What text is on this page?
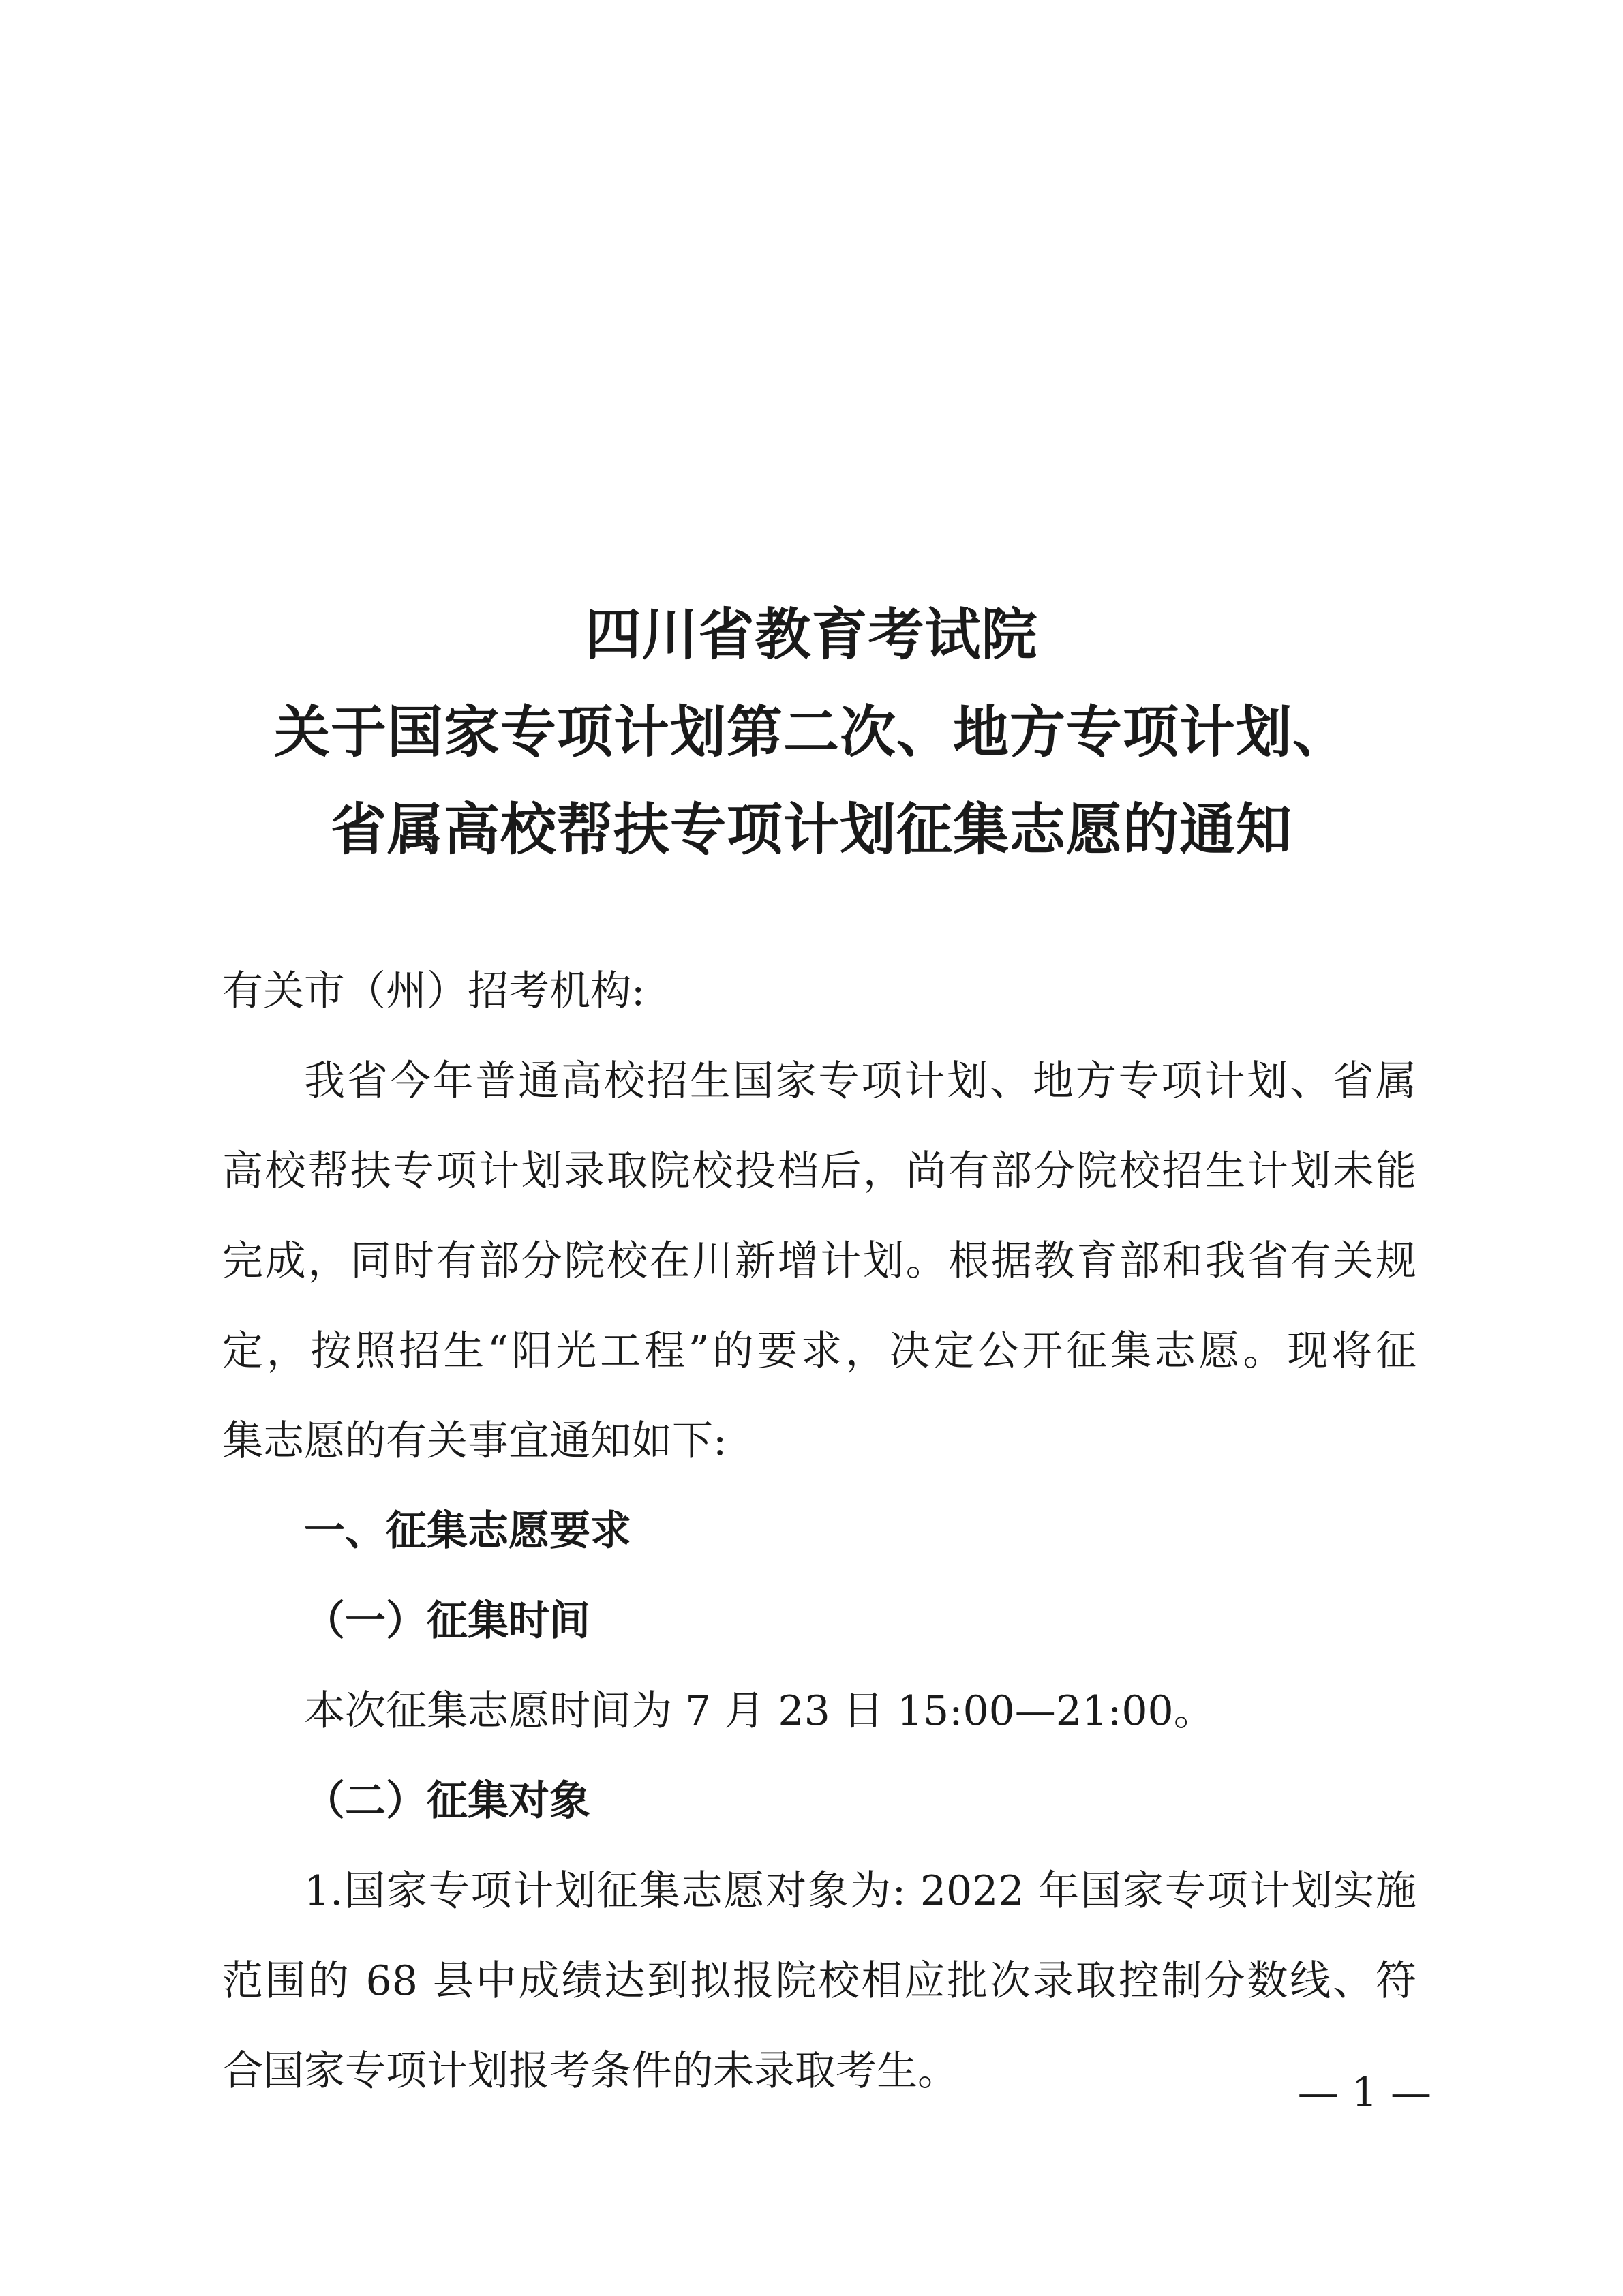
四川省教育考试院
关于国家专项计划第二次、地方专项计划、
省属高校帮扶专项计划征集志愿的通知
有关市（州）招考机构:
我省今年普通高校招生国家专项计划、地方专项计划、省属
高校帮扶专项计划录取院校投档后，尚有部分院校招生计划未能
完成，同时有部分院校在川新增计划。根据教育部和我省有关规
定，按照招生“阳光工程”的要求，决定公开征集志愿。现将征
集志愿的有关事宜通知如下:
一、征集志愿要求
（一）征集时间
本次征集志愿时间为 7 月 23 日 15:00—21:00。
（二）征集对象
1.国家专项计划征集志愿对象为: 2022 年国家专项计划实施
范围的 68 县中成绩达到拟报院校相应批次录取控制分数线、符
合国家专项计划报考条件的未录取考生。	— 1 —
